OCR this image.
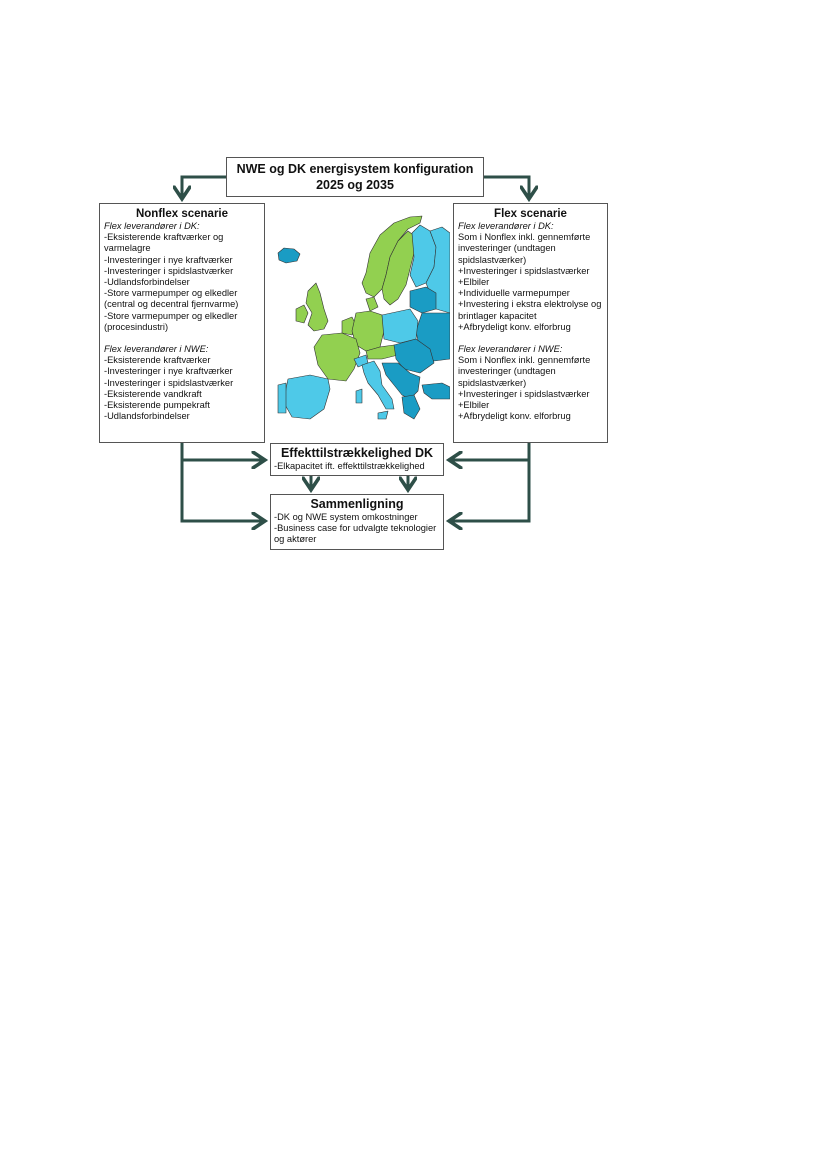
NWE og DK energisystem konfiguration
2025 og 2035
Nonflex scenarie
Flex leverandører i DK:
-Eksisterende kraftværker og varmelagre
-Investeringer i nye kraftværker
-Investeringer i spidslastværker
-Udlandsforbindelser
-Store varmepumper og elkedler (central og decentral fjernvarme)
-Store varmepumper og elkedler (procesindustri)
Flex leverandører i NWE:
-Eksisterende kraftværker
-Investeringer i nye kraftværker
-Investeringer i spidslastværker
-Eksisterende vandkraft
-Eksisterende pumpekraft
-Udlandsforbindelser
Flex scenarie
Flex leverandører i DK:
Som i Nonflex inkl. gennemførte investeringer (undtagen spidslastværker)
+Investeringer i spidslastværker
+Elbiler
+Individuelle varmepumper
+Investering i ekstra elektrolyse og brintlager kapacitet
+Afbrydeligt konv. elforbrug
Flex leverandører i NWE:
Som i Nonflex inkl. gennemførte investeringer (undtagen spidslastværker)
+Investeringer i spidslastværker
+Elbiler
+Afbrydeligt konv. elforbrug
Effekttilstrækkelighed DK
-Elkapacitet ift. effekttilstrækkelighed
Sammenligning
-DK og NWE system omkostninger
-Business case for udvalgte teknologier og aktører
